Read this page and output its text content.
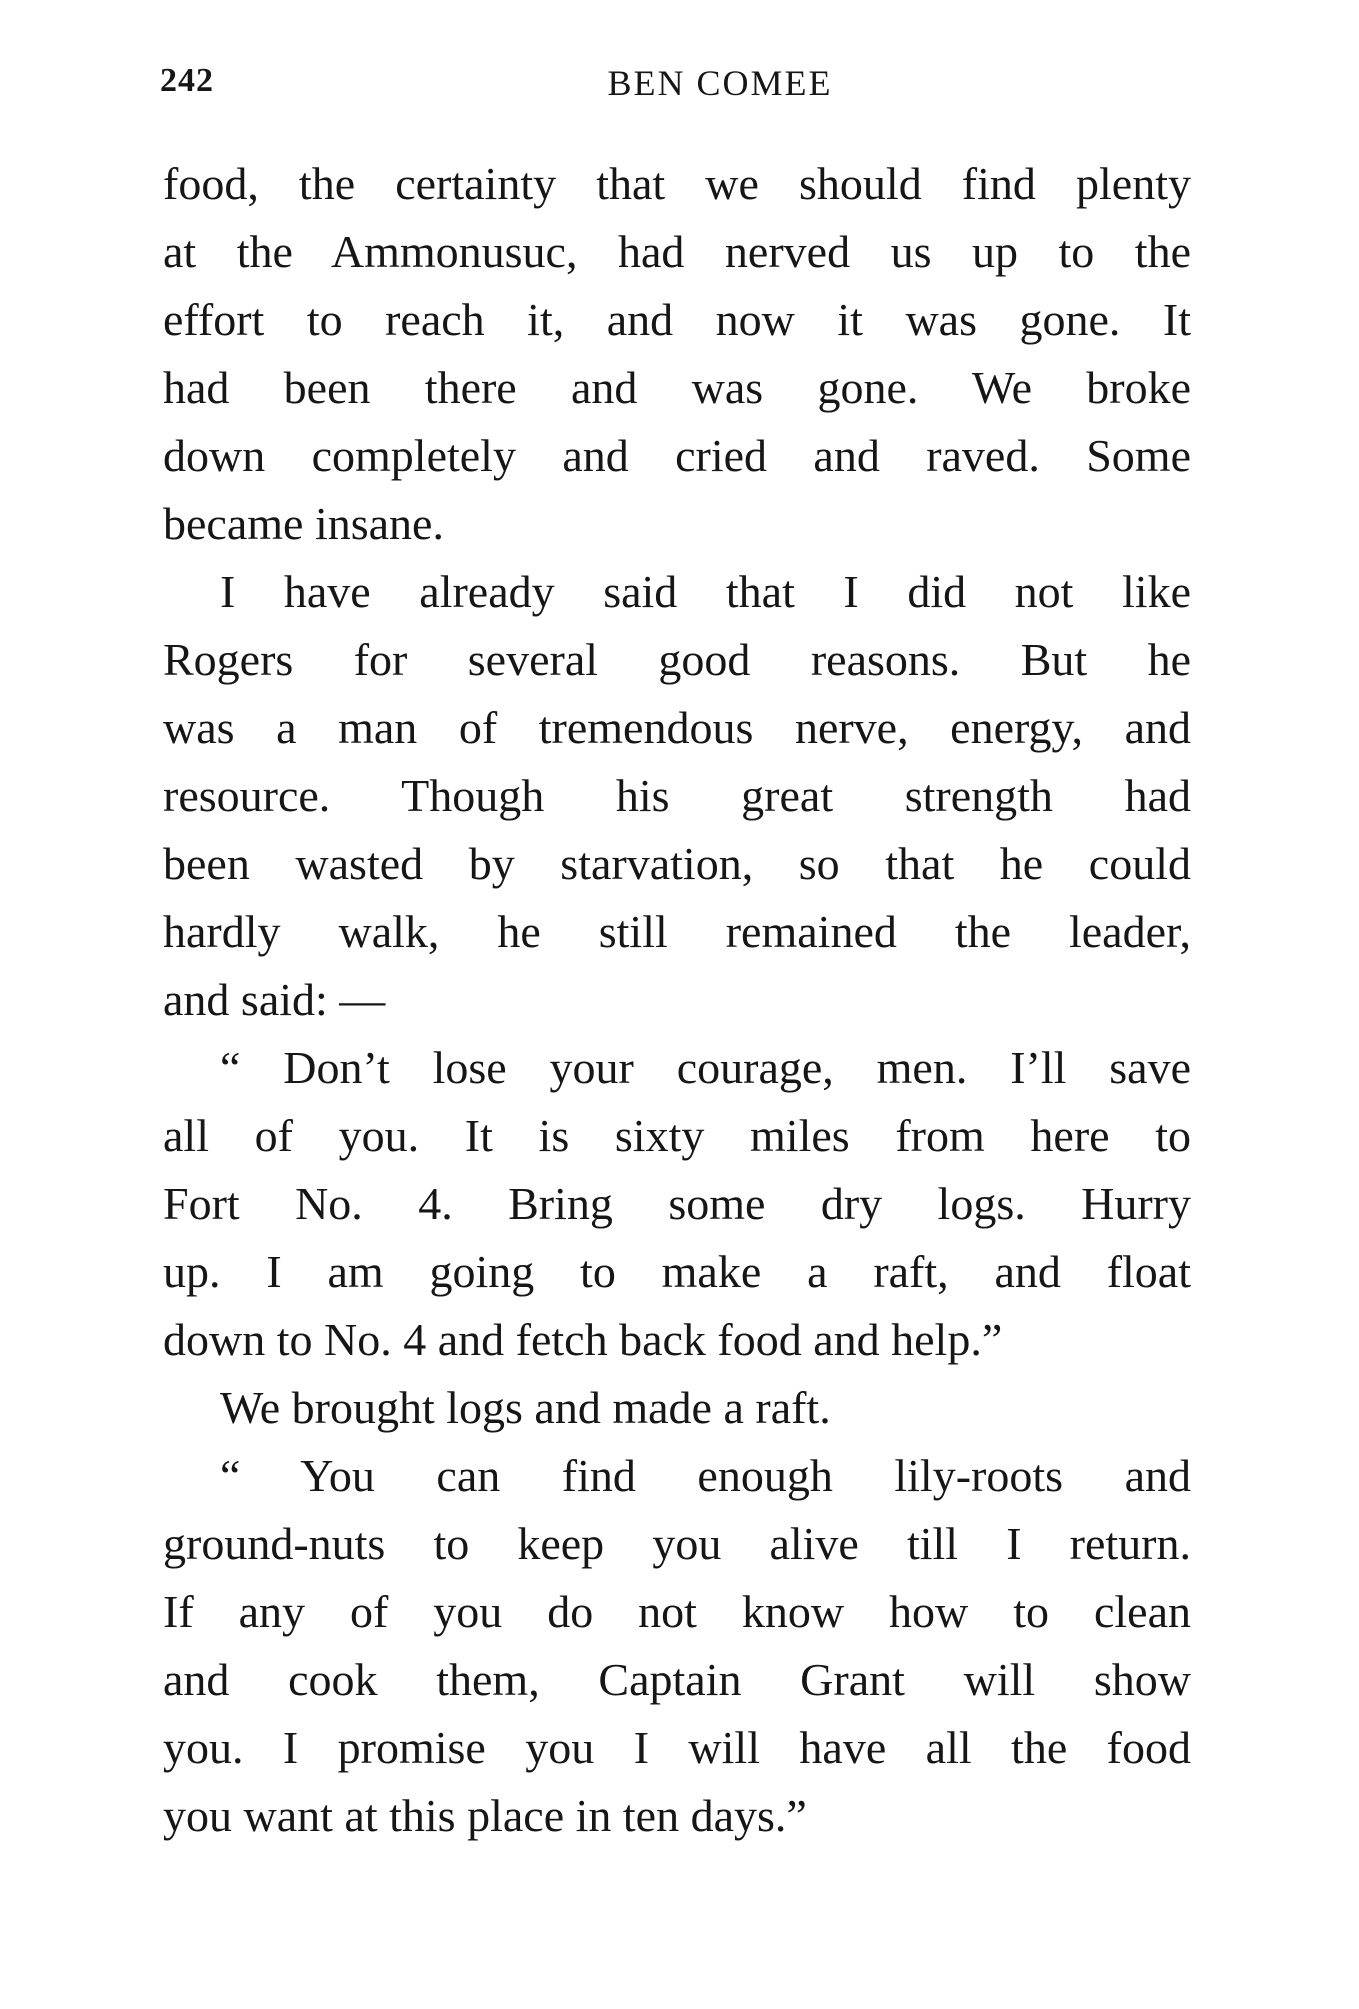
242	BEN COMEE
food, the certainty that we should find plenty
at the Ammonusuc, had nerved us up to the
effort to reach it, and now it was gone. It
had been there and was gone. We broke
down completely and cried and raved. Some
became insane.
I have already said that I did not like
Rogers for several good reasons. But he
was a man of tremendous nerve, energy, and
resource. Though his great strength had
been wasted by starvation, so that he could
hardly walk, he still remained the leader,
and said: —
“ Don’t lose your courage, men. I’ll save
all of you. It is sixty miles from here to
Fort No. 4. Bring some dry logs. Hurry
up. I am going to make a raft, and float
down to No. 4 and fetch back food and help.”
We brought logs and made a raft.
“ You can find enough lily-roots and
ground-nuts to keep you alive till I return.
If any of you do not know how to clean
and cook them, Captain Grant will show
you. I promise you I will have all the food
you want at this place in ten days.”
